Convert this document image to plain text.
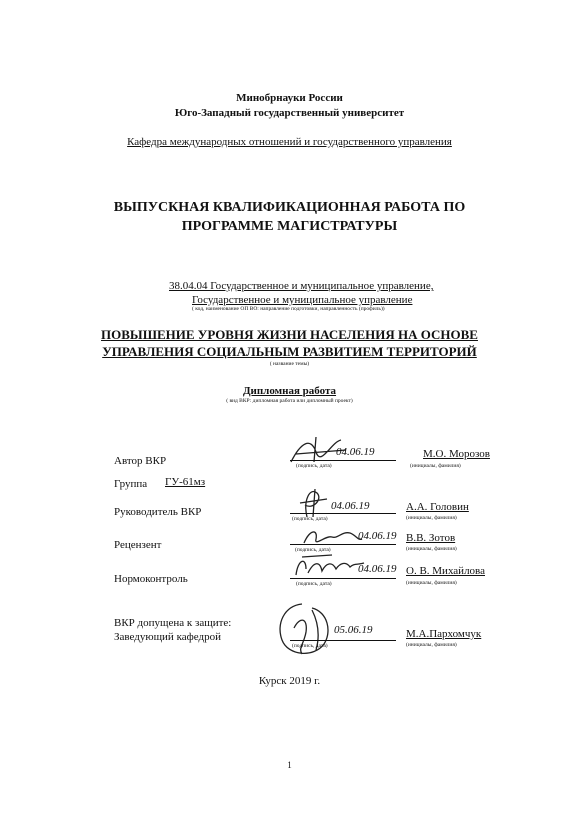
Минобрнауки России
Юго-Западный государственный университет
Кафедра международных отношений и государственного управления
ВЫПУСКНАЯ КВАЛИФИКАЦИОННАЯ РАБОТА ПО
ПРОГРАММЕ МАГИСТРАТУРЫ
38.04.04 Государственное и муниципальное управление,
Государственное и муниципальное управление
( код, наименование ОП ВО: направление подготовки, направленность (профиль))
ПОВЫШЕНИЕ УРОВНЯ ЖИЗНИ НАСЕЛЕНИЯ НА ОСНОВЕ
УПРАВЛЕНИЯ СОЦИАЛЬНЫМ РАЗВИТИЕМ ТЕРРИТОРИЙ
( название темы)
Дипломная работа
( вид ВКР: дипломная работа или дипломный проект)
Автор ВКР
04.06.19
(подпись, дата)
М.О. Морозов
(инициалы, фамилия)
Группа ГУ-61мз
Руководитель ВКР	04.06.19
(подпись, дата)
А.А. Головин
(инициалы, фамилия)
Рецензент
04.06.19
(подпись, дата)
В.В. Зотов
(инициалы, фамилия)
Нормоконтроль
04.06.19
(подпись, дата)
О. В. Михайлова
(инициалы, фамилия)
ВКР допущена к защите:
Заведующий кафедрой
05.06.19
(подпись, дата)
М.А.Пархомчук
(инициалы, фамилия)
Курск 2019 г.
1
